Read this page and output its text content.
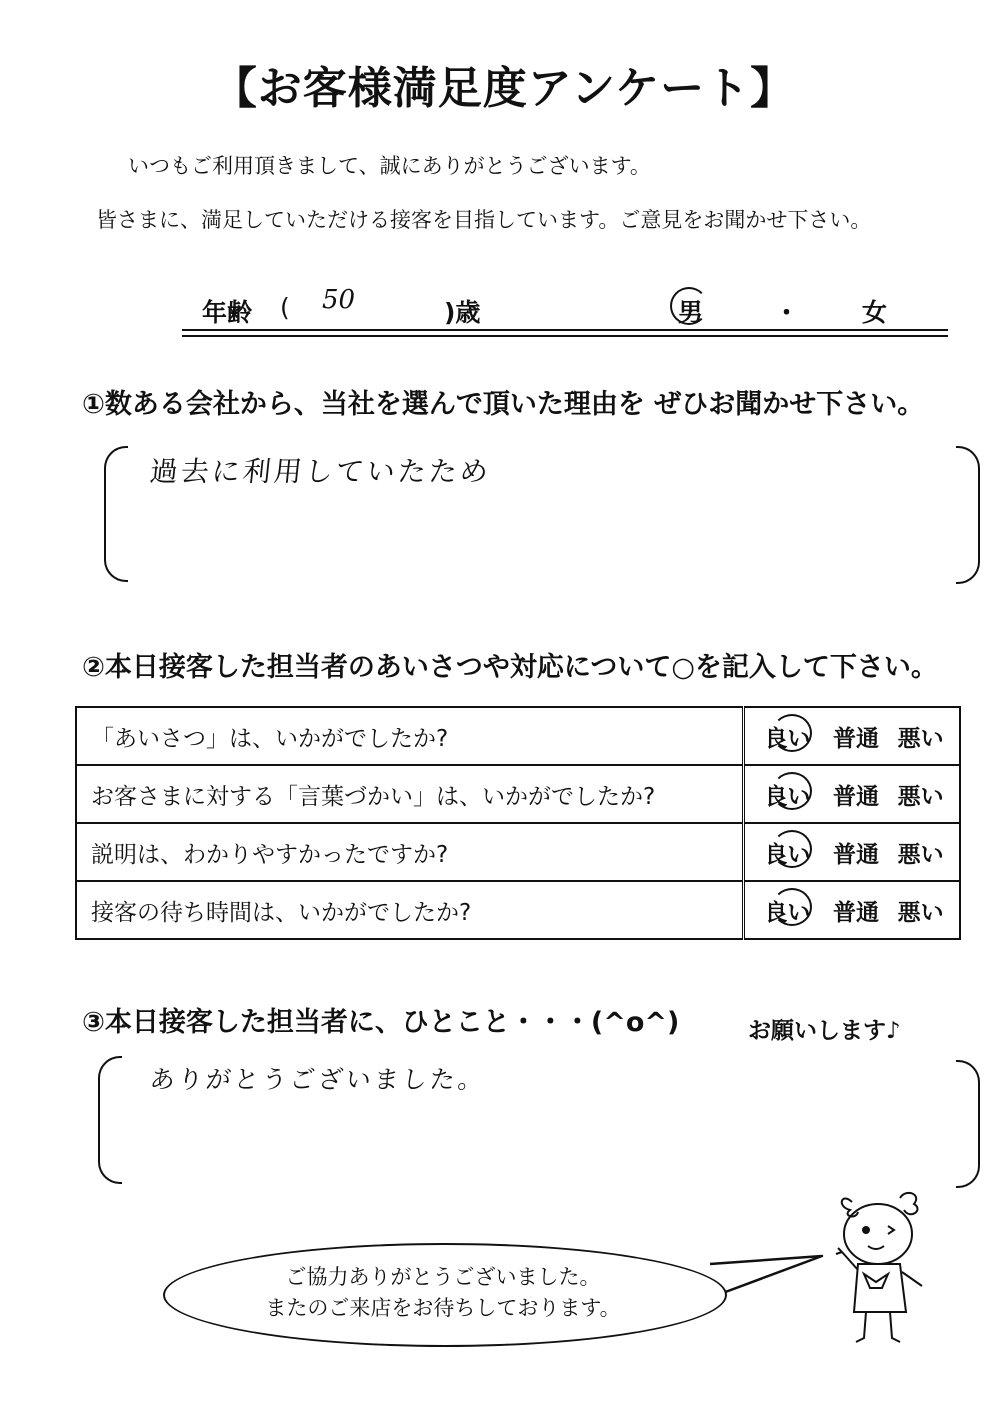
【お客様満足度アンケート】
いつもご利用頂きまして、誠にありがとうございます。
皆さまに、満足していただける接客を目指しています。ご意見をお聞かせ下さい。
年齢 ( 50	)歳	男	・	女
①数ある会社から、当社を選んで頂いた理由を ぜひお聞かせ下さい。
過去に利用していたため
②本日接客した担当者のあいさつや対応について○を記入して下さい。
「あいさつ」は、いかがでしたか?	良い 普通 悪い

お客さまに対する「言葉づかい」は、いかがでしたか?	良い 普通 悪い

説明は、わかりやすかったですか?	良い 普通 悪い

接客の待ち時間は、いかがでしたか?	良い 普通 悪い
③本日接客した担当者に、ひとこと・・・(^o^)	お願いします♪
ありがとうございました。
ご協力ありがとうございました。
またのご来店をお待ちしております。
